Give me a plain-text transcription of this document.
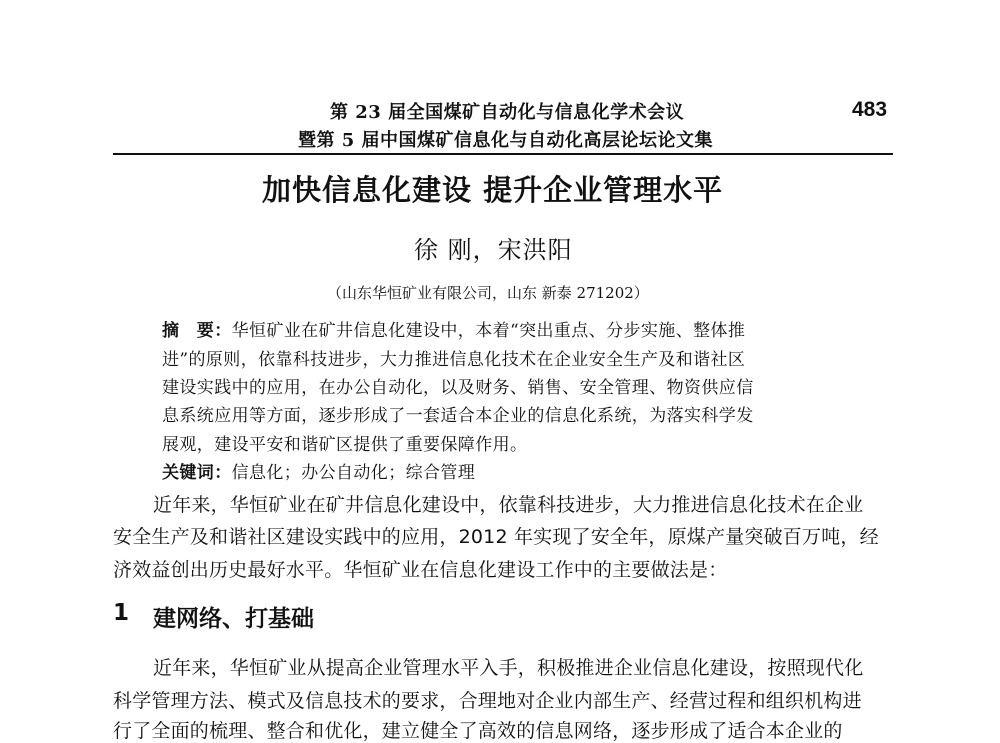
第 23 届全国煤矿自动化与信息化学术会议
暨第 5 届中国煤矿信息化与自动化高层论坛论文集
483
加快信息化建设 提升企业管理水平
徐 刚，宋洪阳
（山东华恒矿业有限公司，山东 新泰 271202）
摘　要：华恒矿业在矿井信息化建设中，本着“突出重点、分步实施、整体推
进”的原则，依靠科技进步，大力推进信息化技术在企业安全生产及和谐社区
建设实践中的应用，在办公自动化，以及财务、销售、安全管理、物资供应信
息系统应用等方面，逐步形成了一套适合本企业的信息化系统，为落实科学发
展观，建设平安和谐矿区提供了重要保障作用。
关键词：信息化；办公自动化；综合管理
近年来，华恒矿业在矿井信息化建设中，依靠科技进步，大力推进信息化技术在企业
安全生产及和谐社区建设实践中的应用，2012 年实现了安全年，原煤产量突破百万吨，经
济效益创出历史最好水平。华恒矿业在信息化建设工作中的主要做法是：
1 建网络、打基础
近年来，华恒矿业从提高企业管理水平入手，积极推进企业信息化建设，按照现代化
科学管理方法、模式及信息技术的要求，合理地对企业内部生产、经营过程和组织机构进
行了全面的梳理、整合和优化，建立健全了高效的信息网络，逐步形成了适合本企业的
